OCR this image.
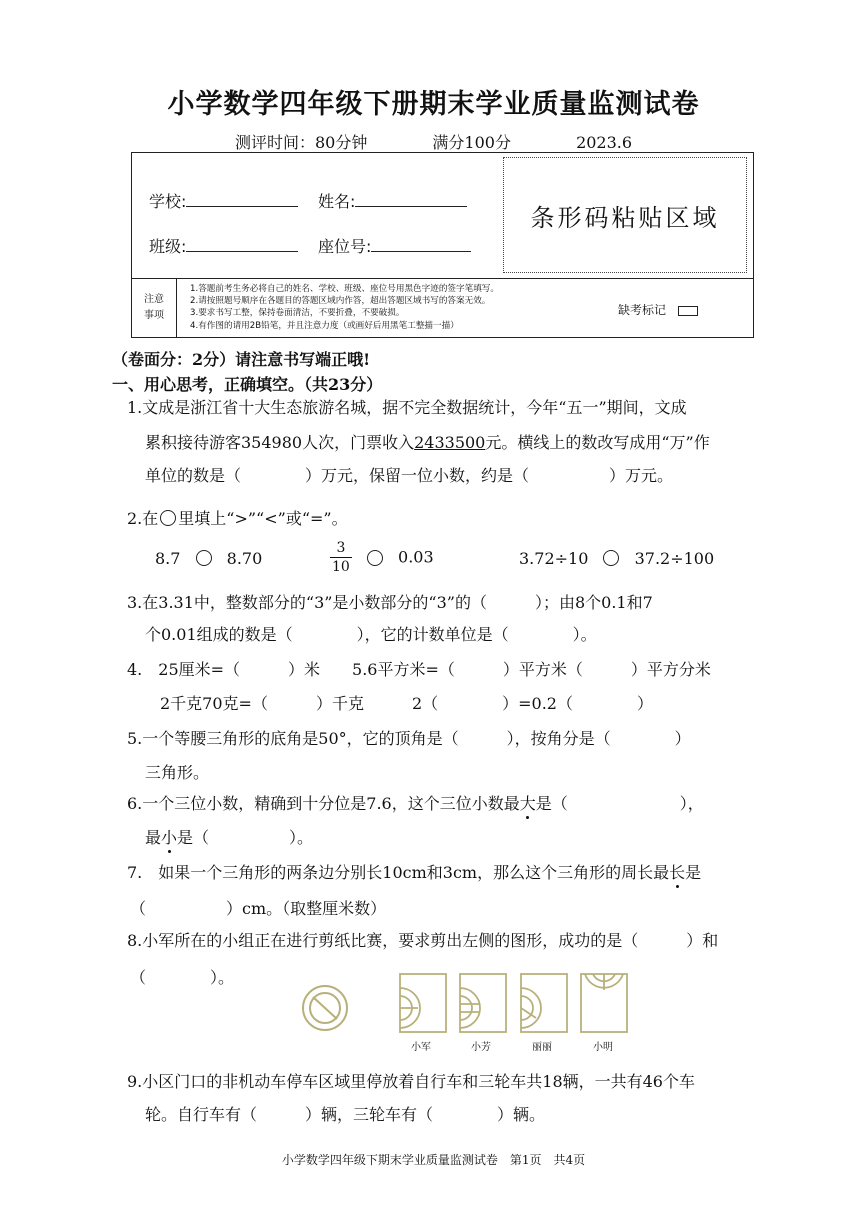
小学数学四年级下册期末学业质量监测试卷
测评时间：80分钟	满分100分	2023.6
学校:	姓名:
班级:	座位号:
条形码粘贴区域
注意
事项
1.答题前考生务必将自己的姓名、学校、班级、座位号用黑色字迹的签字笔填写。
2.请按照题号顺序在各题目的答题区域内作答，超出答题区域书写的答案无效。
3.要求书写工整，保持卷面清洁，不要折叠，不要破损。
4.有作图的请用2B铅笔，并且注意力度（或画好后用黑笔工整描一描）
缺考标记
（卷面分：2分）请注意书写端正哦!
一、用心思考，正确填空。（共23分）
1.文成是浙江省十大生态旅游名城，据不完全数据统计，今年“五一”期间，文成
累积接待游客354980人次，门票收入2433500元。横线上的数改写成用“万”作
单位的数是（　　　　）万元，保留一位小数，约是（　　　　　）万元。
2.在 里填上“>”“<”或“=”。
8.7	8.70	$\frac{3}{10}$	0.03	3.72÷10	37.2÷100
3.在3.31中，整数部分的“3”是小数部分的“3”的（　　　）；由8个0.1和7
个0.01组成的数是（　　　　），它的计数单位是（　　　　）。
4.　25厘米=（　　　）米　　5.6平方米=（　　　）平方米（　　　）平方分米
2千克70克=（　　　）千克　　　2（　　　　）=0.2（　　　　）
5.一个等腰三角形的底角是50°，它的顶角是（　　　），按角分是（　　　　）
三角形。
6.一个三位小数，精确到十分位是7.6，这个三位小数最大是（　　　　　　　），
最小是（　　　　　）。
7.　如果一个三角形的两条边分别长10cm和3cm，那么这个三角形的周长最长是
（　　　　　）cm。（取整厘米数）
8.小军所在的小组正在进行剪纸比赛，要求剪出左侧的图形，成功的是（　　　）和
（　　　　）。
小军	小芳	丽丽	小明
9.小区门口的非机动车停车区域里停放着自行车和三轮车共18辆，一共有46个车
轮。自行车有（　　　）辆，三轮车有（　　　　）辆。
小学数学四年级下期末学业质量监测试卷　第1页　共4页
